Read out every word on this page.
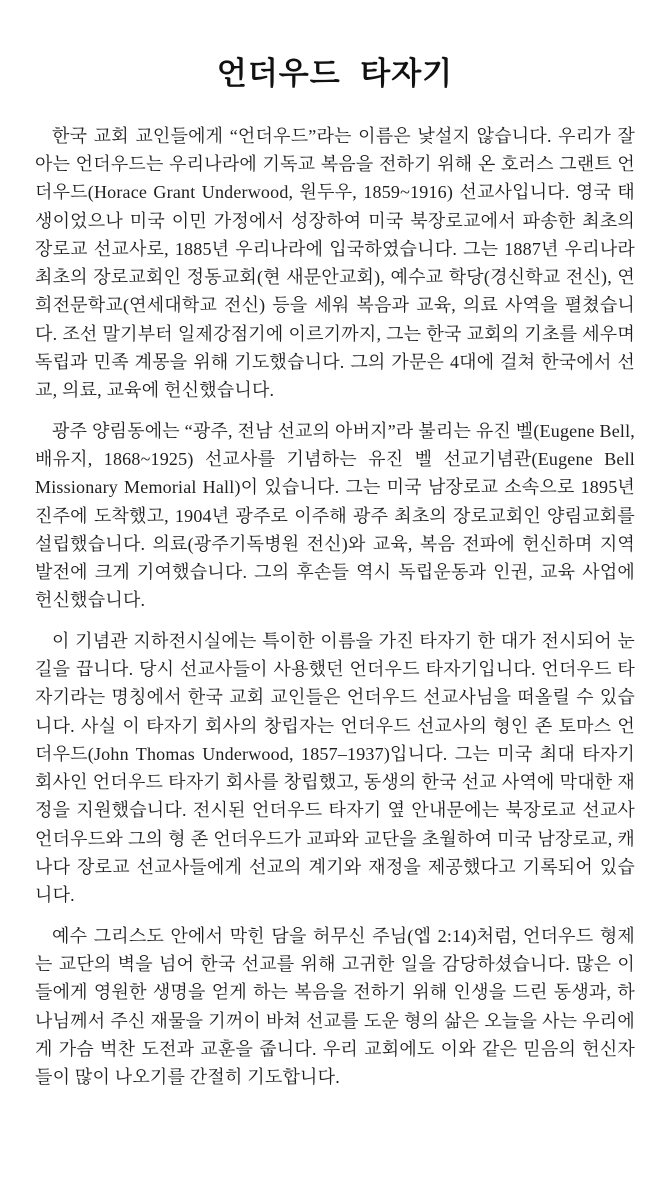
언더우드 타자기

한국 교회 교인들에게 “언더우드”라는 이름은 낯설지 않습니다. 우리가 잘 아는 언더우드는 우리나라에 기독교 복음을 전하기 위해 온 호러스 그랜트 언더우드(Horace Grant Underwood, 원두우, 1859~1916) 선교사입니다. 영국 태생이었으나 미국 이민 가정에서 성장하여 미국 북장로교에서 파송한 최초의 장로교 선교사로, 1885년 우리나라에 입국하였습니다. 그는 1887년 우리나라 최초의 장로교회인 정동교회(현 새문안교회), 예수교 학당(경신학교 전신), 연희전문학교(연세대학교 전신) 등을 세워 복음과 교육, 의료 사역을 펼쳤습니다. 조선 말기부터 일제강점기에 이르기까지, 그는 한국 교회의 기초를 세우며 독립과 민족 계몽을 위해 기도했습니다. 그의 가문은 4대에 걸쳐 한국에서 선교, 의료, 교육에 헌신했습니다.

광주 양림동에는 “광주, 전남 선교의 아버지”라 불리는 유진 벨(Eugene Bell, 배유지, 1868~1925) 선교사를 기념하는 유진 벨 선교기념관(Eugene Bell Missionary Memorial Hall)이 있습니다. 그는 미국 남장로교 소속으로 1895년 진주에 도착했고, 1904년 광주로 이주해 광주 최초의 장로교회인 양림교회를 설립했습니다. 의료(광주기독병원 전신)와 교육, 복음 전파에 헌신하며 지역 발전에 크게 기여했습니다. 그의 후손들 역시 독립운동과 인권, 교육 사업에 헌신했습니다.

이 기념관 지하전시실에는 특이한 이름을 가진 타자기 한 대가 전시되어 눈길을 끕니다. 당시 선교사들이 사용했던 언더우드 타자기입니다. 언더우드 타자기라는 명칭에서 한국 교회 교인들은 언더우드 선교사님을 떠올릴 수 있습니다. 사실 이 타자기 회사의 창립자는 언더우드 선교사의 형인 존 토마스 언더우드(John Thomas Underwood, 1857–1937)입니다. 그는 미국 최대 타자기 회사인 언더우드 타자기 회사를 창립했고, 동생의 한국 선교 사역에 막대한 재정을 지원했습니다. 전시된 언더우드 타자기 옆 안내문에는 북장로교 선교사 언더우드와 그의 형 존 언더우드가 교파와 교단을 초월하여 미국 남장로교, 캐나다 장로교 선교사들에게 선교의 계기와 재정을 제공했다고 기록되어 있습니다.

예수 그리스도 안에서 막힌 담을 허무신 주님(엡 2:14)처럼, 언더우드 형제는 교단의 벽을 넘어 한국 선교를 위해 고귀한 일을 감당하셨습니다. 많은 이들에게 영원한 생명을 얻게 하는 복음을 전하기 위해 인생을 드린 동생과, 하나님께서 주신 재물을 기꺼이 바쳐 선교를 도운 형의 삶은 오늘을 사는 우리에게 가슴 벅찬 도전과 교훈을 줍니다. 우리 교회에도 이와 같은 믿음의 헌신자들이 많이 나오기를 간절히 기도합니다.
